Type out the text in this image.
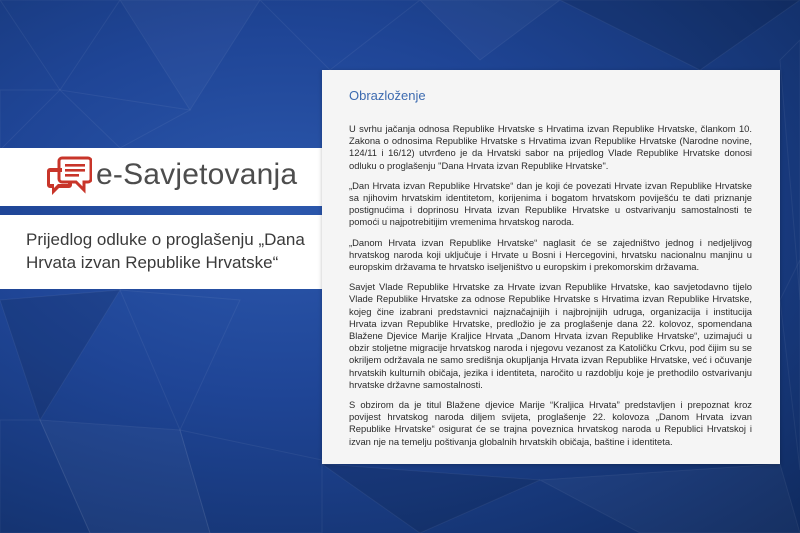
e-Savjetovanja
Prijedlog odluke o proglašenju „Dana Hrvata izvan Republike Hrvatske“
Obrazloženje

U svrhu jačanja odnosa Republike Hrvatske s Hrvatima izvan Republike Hrvatske, člankom 10. Zakona o odnosima Republike Hrvatske s Hrvatima izvan Republike Hrvatske (Narodne novine, 124/11 i 16/12) utvrđeno je da Hrvatski sabor na prijedlog Vlade Republike Hrvatske donosi odluku o proglašenju "Dana Hrvata izvan Republike Hrvatske".

„Dan Hrvata izvan Republike Hrvatske“ dan je koji će povezati Hrvate izvan Republike Hrvatske sa njihovim hrvatskim identitetom, korijenima i bogatom hrvatskom poviješću te dati priznanje postignućima i doprinosu Hrvata izvan Republike Hrvatske u ostvarivanju samostalnosti te pomoći u najpotrebitijim vremenima hrvatskog naroda.

„Danom Hrvata izvan Republike Hrvatske“ naglasit će se zajedništvo jednog i nedjeljivog hrvatskog naroda koji uključuje i Hrvate u Bosni i Hercegovini, hrvatsku nacionalnu manjinu u europskim državama te hrvatsko iseljeništvo u europskim i prekomorskim državama.

Savjet Vlade Republike Hrvatske za Hrvate izvan Republike Hrvatske, kao savjetodavno tijelo Vlade Republike Hrvatske za odnose Republike Hrvatske s Hrvatima izvan Republike Hrvatske, kojeg čine izabrani predstavnici najznačajnijih i najbrojnijih udruga, organizacija i institucija Hrvata izvan Republike Hrvatske, predložio je za proglašenje dana 22. kolovoz, spomendana Blažene Djevice Marije Kraljice Hrvata „Danom Hrvata izvan Republike Hrvatske“, uzimajući u obzir stoljetne migracije hrvatskog naroda i njegovu vezanost za Katoličku Crkvu, pod čijim su se okriljem održavala ne samo središnja okupljanja Hrvata izvan Republike Hrvatske, već i očuvanje hrvatskih kulturnih običaja, jezika i identiteta, naročito u razdoblju koje je prethodilo ostvarivanju hrvatske državne samostalnosti.

S obzirom da je titul Blažene djevice Marije “Kraljica Hrvata” predstavljen i prepoznat kroz povijest hrvatskog naroda diljem svijeta, proglašenje 22. kolovoza „Danom Hrvata izvan Republike Hrvatske“ osigurat će se trajna poveznica hrvatskog naroda u Republici Hrvatskoj i izvan nje na temelju poštivanja globalnih hrvatskih običaja, baštine i identiteta.
